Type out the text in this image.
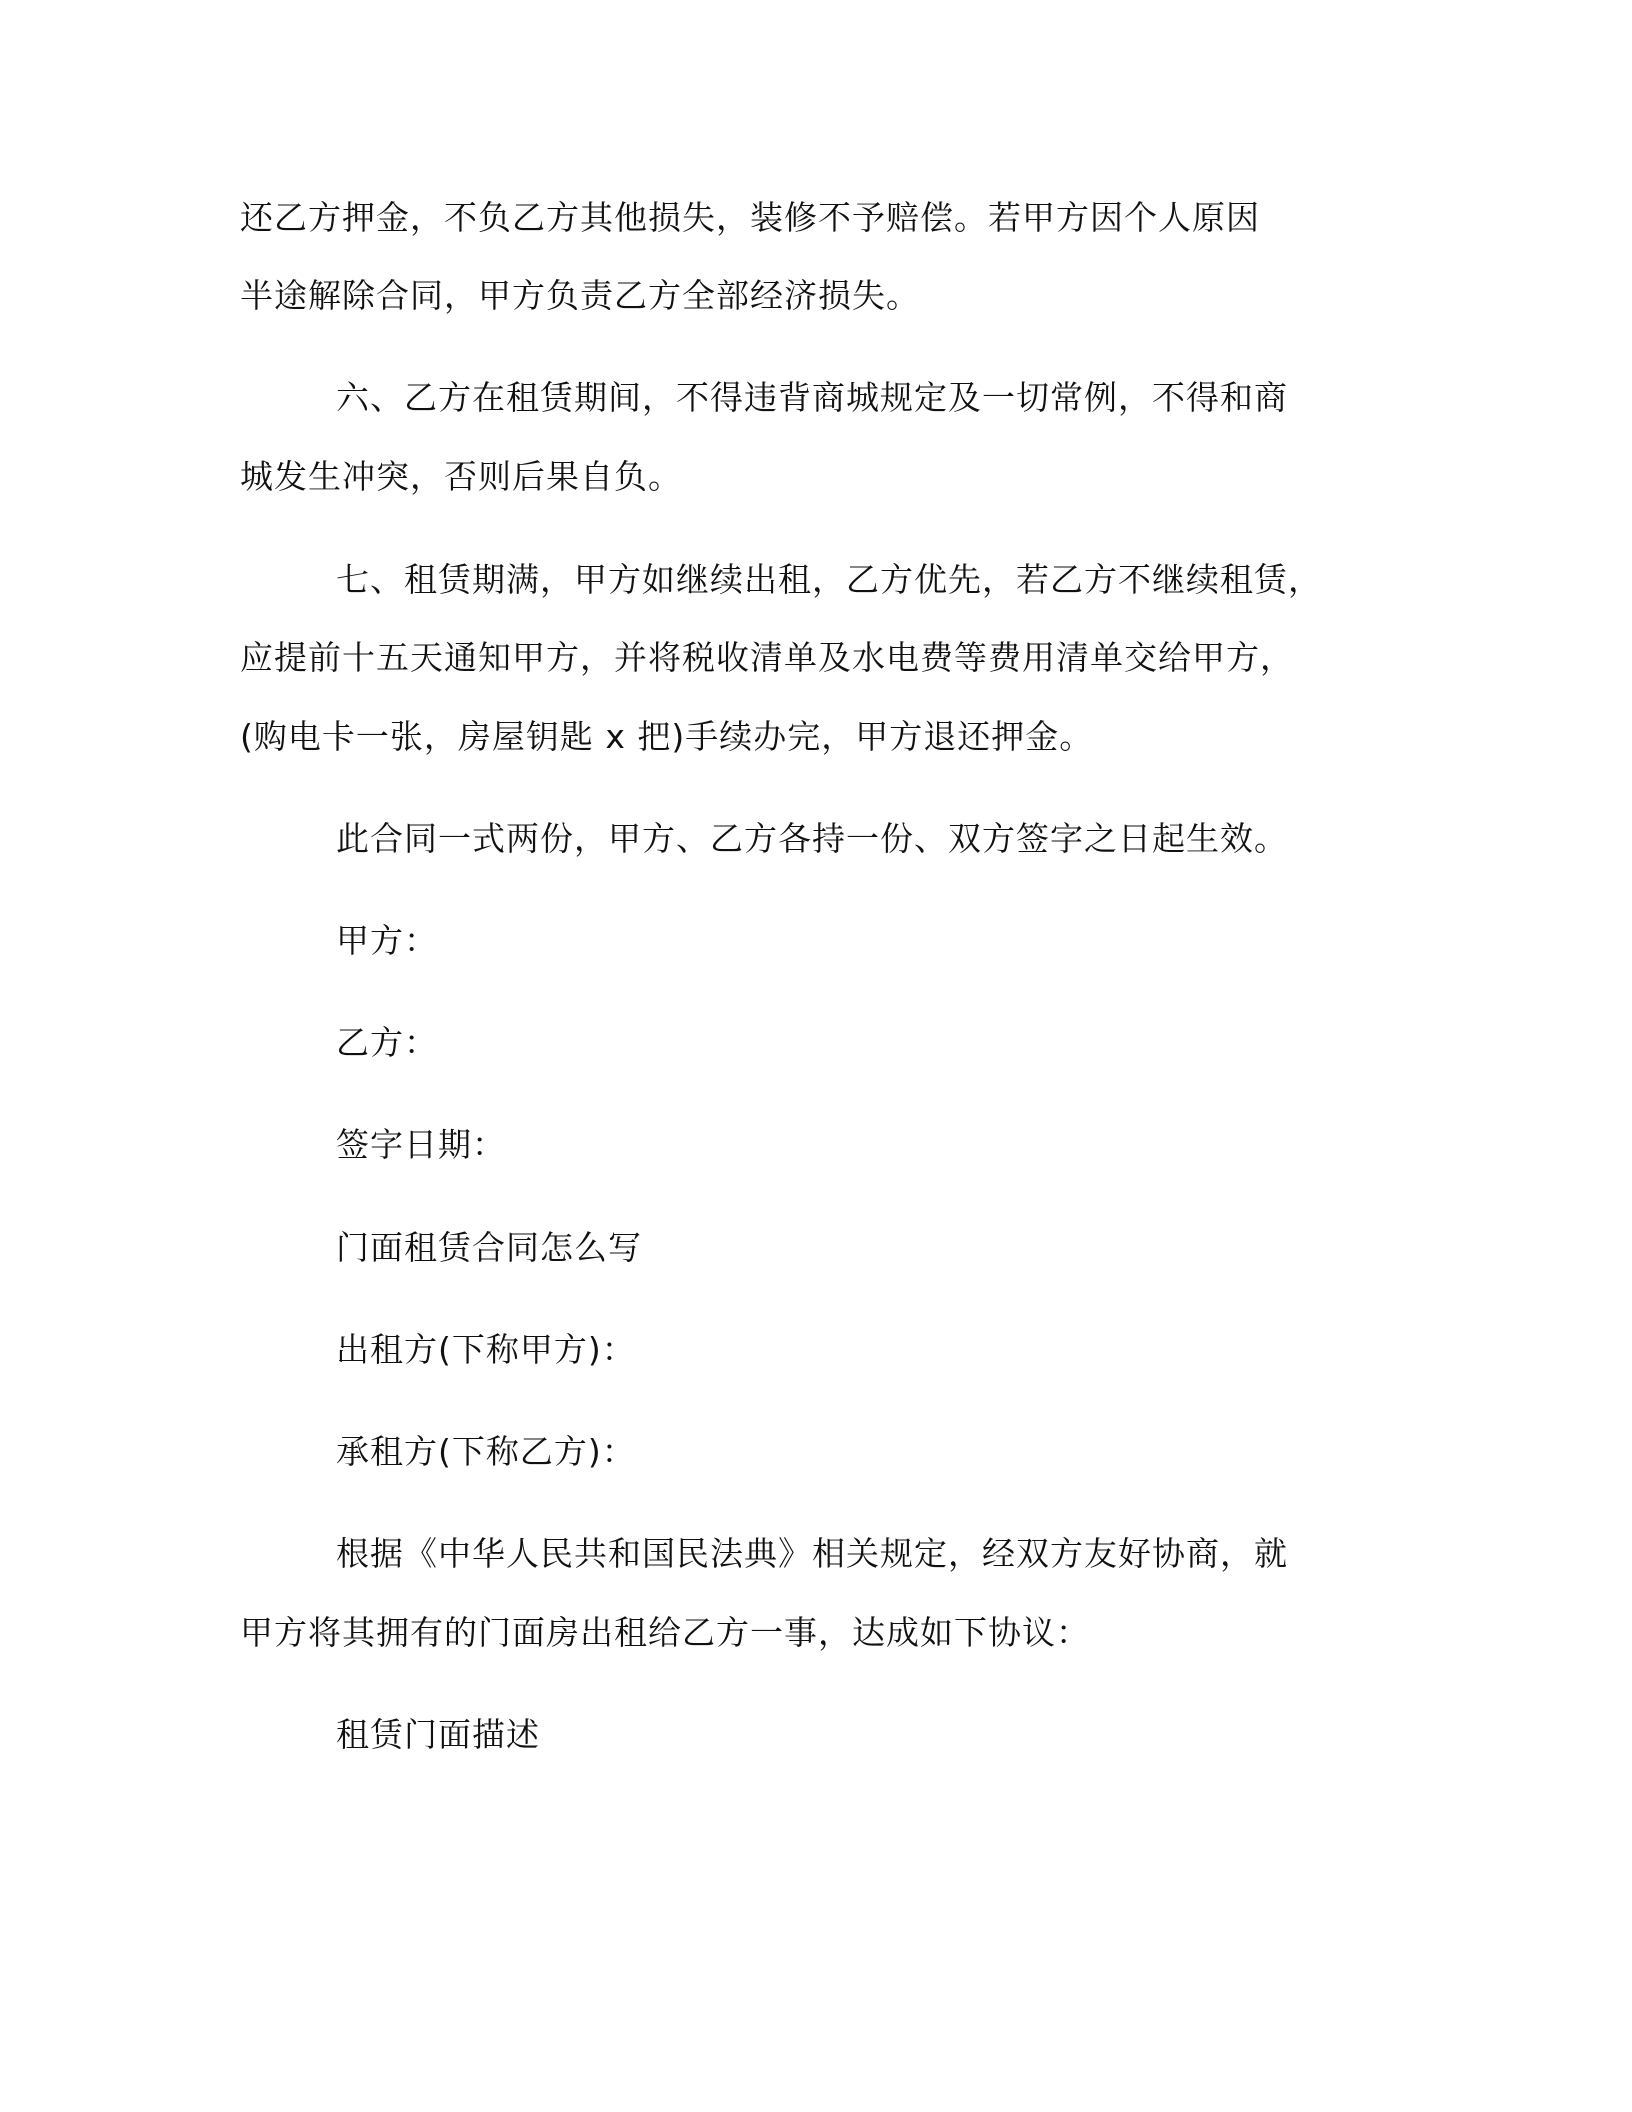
还乙方押金，不负乙方其他损失，装修不予赔偿。若甲方因个人原因

半途解除合同，甲方负责乙方全部经济损失。

六、乙方在租赁期间，不得违背商城规定及一切常例，不得和商

城发生冲突，否则后果自负。

七、租赁期满，甲方如继续出租，乙方优先，若乙方不继续租赁，

应提前十五天通知甲方，并将税收清单及水电费等费用清单交给甲方，

(购电卡一张，房屋钥匙 x 把)手续办完，甲方退还押金。

此合同一式两份，甲方、乙方各持一份、双方签字之日起生效。

甲方：

乙方：

签字日期：

门面租赁合同怎么写

出租方(下称甲方)：

承租方(下称乙方)：

根据《中华人民共和国民法典》相关规定，经双方友好协商，就

甲方将其拥有的门面房出租给乙方一事，达成如下协议：

租赁门面描述
